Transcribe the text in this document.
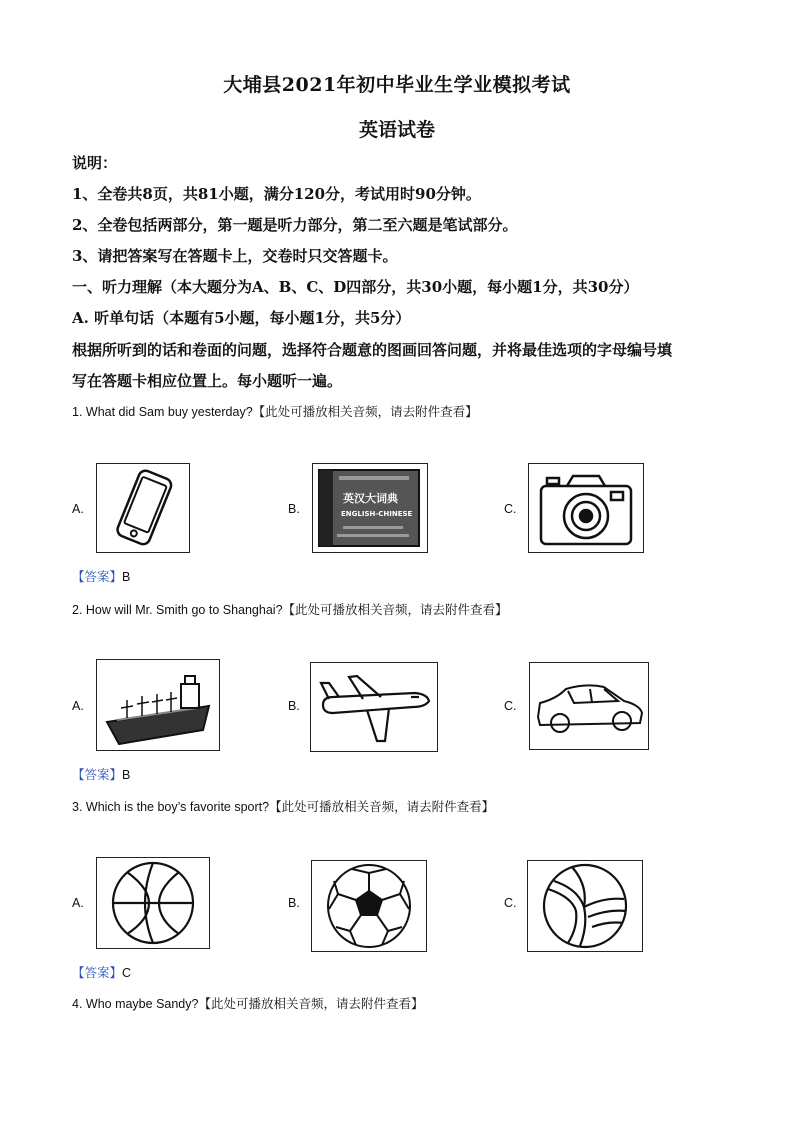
大埔县2021年初中毕业生学业模拟考试
英语试卷
说明：
1、全卷共8页，共81小题，满分120分，考试用时90分钟。
2、全卷包括两部分，第一题是听力部分，第二至六题是笔试部分。
3、请把答案写在答题卡上，交卷时只交答题卡。
一、听力理解（本大题分为A、B、C、D四部分，共30小题，每小题1分，共30分）
A. 听单句话（本题有5小题，每小题1分，共5分）
根据所听到的话和卷面的问题，选择符合题意的图画回答问题，并将最佳选项的字母编号填
写在答题卡相应位置上。每小题听一遍。
1. What did Sam buy yesterday?【此处可播放相关音频，请去附件查看】
A.	B.
英汉大词典
ENGLISH-CHINESE	C.
【答案】B
2. How will Mr. Smith go to Shanghai?【此处可播放相关音频，请去附件查看】
A.	B.	C.
【答案】B
3. Which is the boy’s favorite sport?【此处可播放相关音频，请去附件查看】
A.	B.	C.
【答案】C
4. Who maybe Sandy?【此处可播放相关音频，请去附件查看】
